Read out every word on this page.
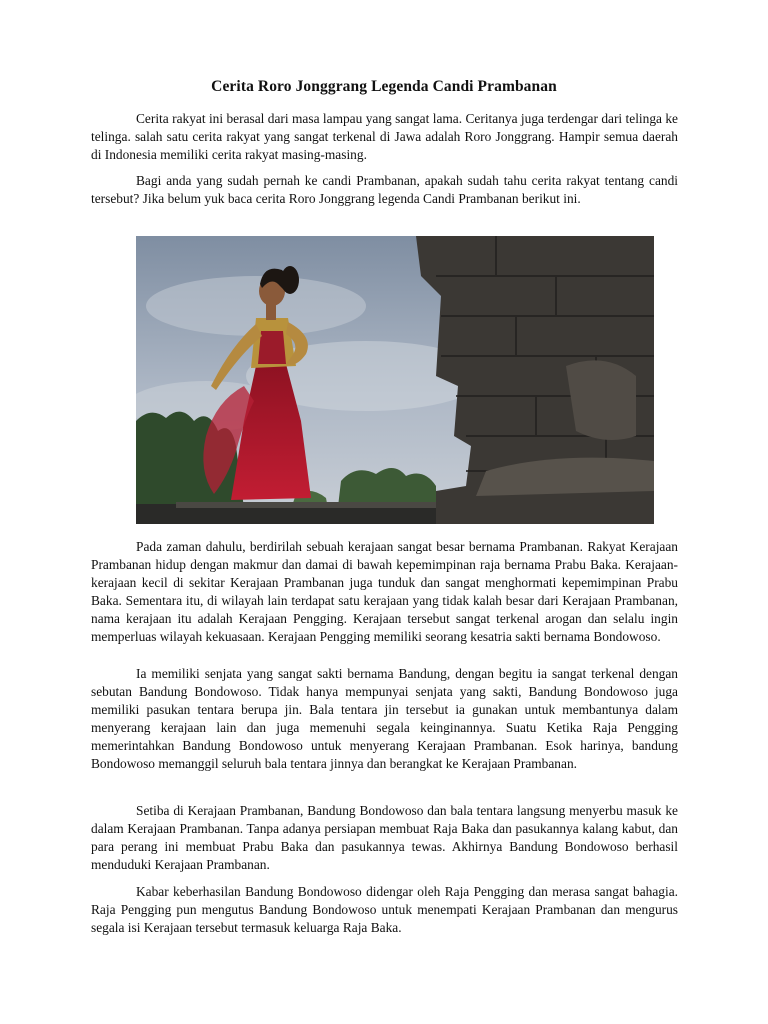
Cerita Roro Jonggrang Legenda Candi Prambanan

Cerita rakyat ini berasal dari masa lampau yang sangat lama. Ceritanya juga terdengar dari telinga ke telinga. salah satu cerita rakyat yang sangat terkenal di Jawa adalah Roro Jonggrang. Hampir semua daerah di Indonesia memiliki cerita rakyat masing-masing.

Bagi anda yang sudah pernah ke candi Prambanan, apakah sudah tahu cerita rakyat tentang candi tersebut? Jika belum yuk baca cerita Roro Jonggrang legenda Candi Prambanan berikut ini.

Pada zaman dahulu, berdirilah sebuah kerajaan sangat besar bernama Prambanan. Rakyat Kerajaan Prambanan hidup dengan makmur dan damai di bawah kepemimpinan raja bernama Prabu Baka. Kerajaan-kerajaan kecil di sekitar Kerajaan Prambanan juga tunduk dan sangat menghormati kepemimpinan Prabu Baka. Sementara itu, di wilayah lain terdapat satu kerajaan yang tidak kalah besar dari Kerajaan Prambanan, nama kerajaan itu adalah Kerajaan Pengging. Kerajaan tersebut sangat terkenal arogan dan selalu ingin memperluas wilayah kekuasaan. Kerajaan Pengging memiliki seorang kesatria sakti bernama Bondowoso.

Ia memiliki senjata yang sangat sakti bernama Bandung, dengan begitu ia sangat terkenal dengan sebutan Bandung Bondowoso. Tidak hanya mempunyai senjata yang sakti, Bandung Bondowoso juga memiliki pasukan tentara berupa jin. Bala tentara jin tersebut ia gunakan untuk membantunya dalam menyerang kerajaan lain dan juga memenuhi segala keinginannya. Suatu Ketika Raja Pengging memerintahkan Bandung Bondowoso untuk menyerang Kerajaan Prambanan. Esok harinya, bandung Bondowoso memanggil seluruh bala tentara jinnya dan berangkat ke Kerajaan Prambanan.

Setiba di Kerajaan Prambanan, Bandung Bondowoso dan bala tentara langsung menyerbu masuk ke dalam Kerajaan Prambanan. Tanpa adanya persiapan membuat Raja Baka dan pasukannya kalang kabut, dan para perang ini membuat Prabu Baka dan pasukannya tewas. Akhirnya Bandung Bondowoso berhasil menduduki Kerajaan Prambanan.

Kabar keberhasilan Bandung Bondowoso didengar oleh Raja Pengging dan merasa sangat bahagia. Raja Pengging pun mengutus Bandung Bondowoso untuk menempati Kerajaan Prambanan dan mengurus segala isi Kerajaan tersebut termasuk keluarga Raja Baka.
